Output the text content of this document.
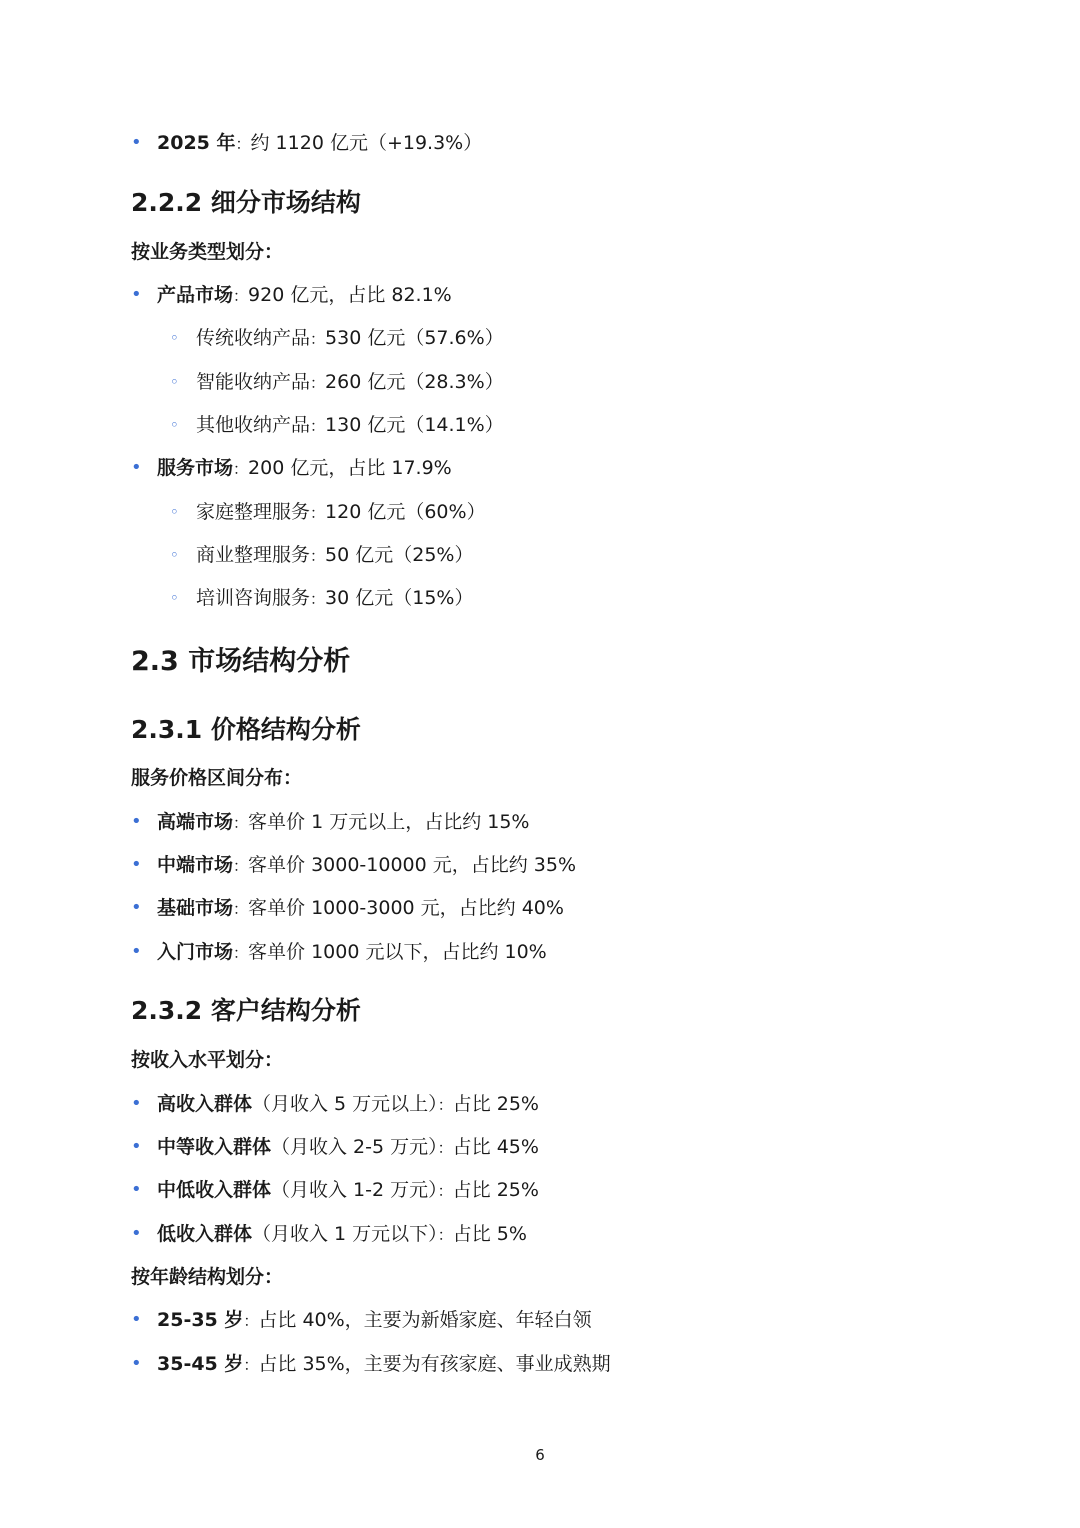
• 2025 年：约 1120 亿元（+19.3%）
2.2.2 细分市场结构
按业务类型划分：
• 产品市场：920 亿元，占比 82.1%
◦ 传统收纳产品：530 亿元（57.6%）
◦ 智能收纳产品：260 亿元（28.3%）
◦ 其他收纳产品：130 亿元（14.1%）
• 服务市场：200 亿元，占比 17.9%
◦ 家庭整理服务：120 亿元（60%）
◦ 商业整理服务：50 亿元（25%）
◦ 培训咨询服务：30 亿元（15%）
2.3 市场结构分析
2.3.1 价格结构分析
服务价格区间分布：
• 高端市场：客单价 1 万元以上，占比约 15%
• 中端市场：客单价 3000-10000 元，占比约 35%
• 基础市场：客单价 1000-3000 元，占比约 40%
• 入门市场：客单价 1000 元以下，占比约 10%
2.3.2 客户结构分析
按收入水平划分：
• 高收入群体（月收入 5 万元以上）：占比 25%
• 中等收入群体（月收入 2-5 万元）：占比 45%
• 中低收入群体（月收入 1-2 万元）：占比 25%
• 低收入群体（月收入 1 万元以下）：占比 5%
按年龄结构划分：
• 25-35 岁：占比 40%，主要为新婚家庭、年轻白领
• 35-45 岁：占比 35%，主要为有孩家庭、事业成熟期
6
